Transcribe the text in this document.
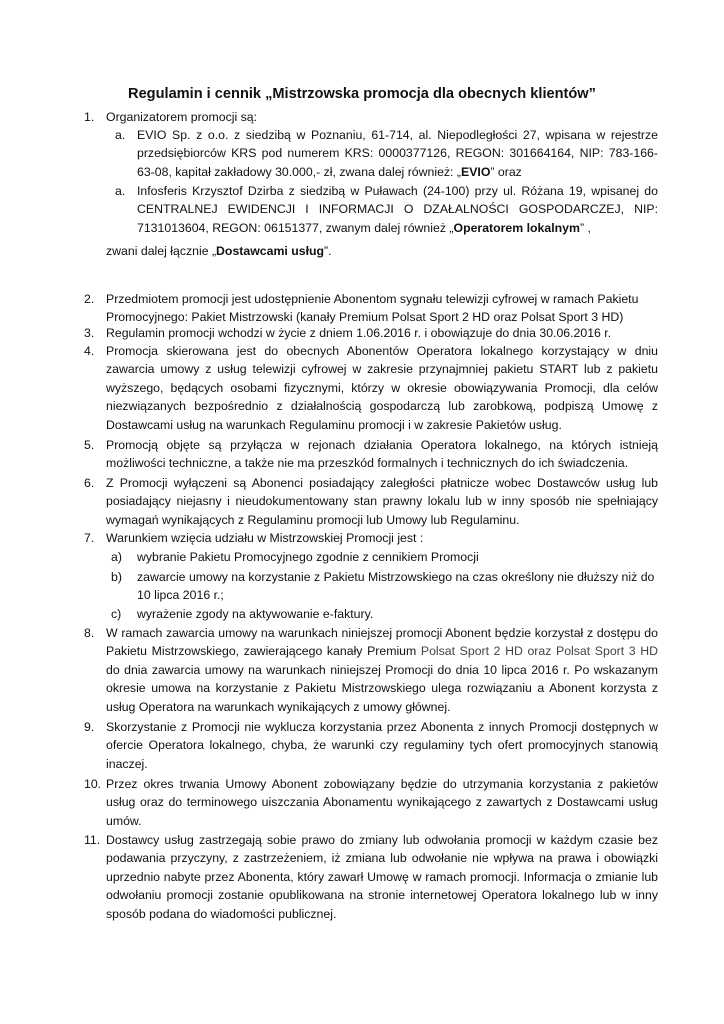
Regulamin i cennik „Mistrzowska promocja dla obecnych klientów”
1. Organizatorem promocji są:
a. EVIO Sp. z o.o. z siedzibą w Poznaniu, 61-714, al. Niepodległości 27, wpisana w rejestrze przedsiębiorców KRS pod numerem KRS: 0000377126, REGON: 301664164, NIP: 783-166-63-08, kapitał zakładowy 30.000,- zł, zwana dalej również: „EVIO” oraz
a. Infosferis Krzysztof Dzirba z siedzibą w Puławach (24-100) przy ul. Różana 19, wpisanej do CENTRALNEJ EWIDENCJI I INFORMACJI O DZAŁALNOŚCI GOSPODARCZEJ, NIP: 7131013604, REGON: 06151377, zwanym dalej również „Operatorem lokalnym” ,
zwani dalej łącznie „Dostawcami usług”.
2. Przedmiotem promocji jest udostępnienie Abonentom sygnału telewizji cyfrowej w ramach Pakietu Promocyjnego: Pakiet Mistrzowski (kanały Premium Polsat Sport 2 HD oraz Polsat Sport 3 HD)
3. Regulamin promocji wchodzi w życie z dniem 1.06.2016 r. i obowiązuje do dnia 30.06.2016 r.
4. Promocja skierowana jest do obecnych Abonentów Operatora lokalnego korzystający w dniu zawarcia umowy z usług telewizji cyfrowej w zakresie przynajmniej pakietu START lub z pakietu wyższego, będących osobami fizycznymi, którzy w okresie obowiązywania Promocji, dla celów niezwiązanych bezpośrednio z działalnością gospodarczą lub zarobkową, podpiszą Umowę z Dostawcami usług na warunkach Regulaminu promocji i w zakresie Pakietów usług.
5. Promocją objęte są przyłącza w rejonach działania Operatora lokalnego, na których istnieją możliwości techniczne, a także nie ma przeszkód formalnych i technicznych do ich świadczenia.
6. Z Promocji wyłączeni są Abonenci posiadający zaległości płatnicze wobec Dostawców usług lub posiadający niejasny i nieudokumentowany stan prawny lokalu lub w inny sposób nie spełniający wymagań wynikających z Regulaminu promocji lub Umowy lub Regulaminu.
7. Warunkiem wzięcia udziału w Mistrzowskiej Promocji jest :
a) wybranie Pakietu Promocyjnego zgodnie z cennikiem Promocji
b) zawarcie umowy na korzystanie z Pakietu Mistrzowskiego na czas określony nie dłuższy niż do 10 lipca 2016 r.;
c) wyrażenie zgody na aktywowanie e-faktury.
8. W ramach zawarcia umowy na warunkach niniejszej promocji Abonent będzie korzystał z dostępu do Pakietu Mistrzowskiego, zawierającego kanały Premium Polsat Sport 2 HD oraz Polsat Sport 3 HD do dnia zawarcia umowy na warunkach niniejszej Promocji do dnia 10 lipca 2016 r. Po wskazanym okresie umowa na korzystanie z Pakietu Mistrzowskiego ulega rozwiązaniu a Abonent korzysta z usług Operatora na warunkach wynikających z umowy głównej.
9. Skorzystanie z Promocji nie wyklucza korzystania przez Abonenta z innych Promocji dostępnych w ofercie Operatora lokalnego, chyba, że warunki czy regulaminy tych ofert promocyjnych stanowią inaczej.
10. Przez okres trwania Umowy Abonent zobowiązany będzie do utrzymania korzystania z pakietów usług oraz do terminowego uiszczania Abonamentu wynikającego z zawartych z Dostawcami usług umów.
11. Dostawcy usług zastrzegają sobie prawo do zmiany lub odwołania promocji w każdym czasie bez podawania przyczyny, z zastrzeżeniem, iż zmiana lub odwołanie nie wpływa na prawa i obowiązki uprzednio nabyte przez Abonenta, który zawarł Umowę w ramach promocji. Informacja o zmianie lub odwołaniu promocji zostanie opublikowana na stronie internetowej Operatora lokalnego lub w inny sposób podana do wiadomości publicznej.
